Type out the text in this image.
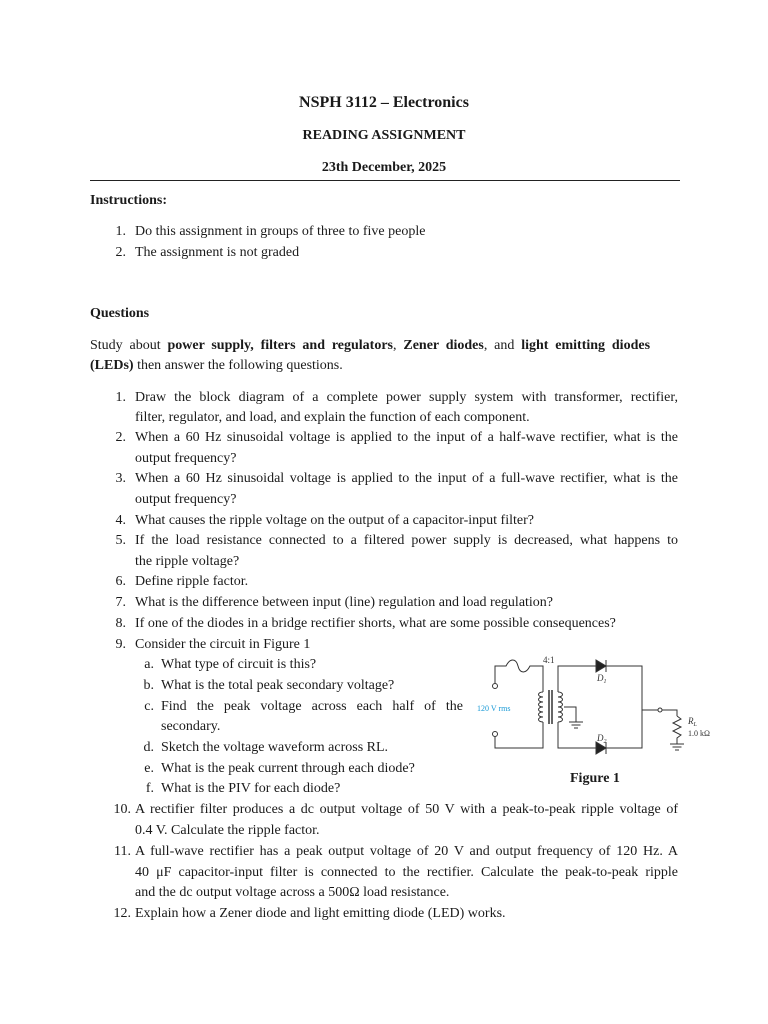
NSPH 3112 – Electronics
READING ASSIGNMENT
23th December, 2025
Instructions:
1. Do this assignment in groups of three to five people
2. The assignment is not graded
Questions
Study about power supply, filters and regulators, Zener diodes, and light emitting diodes
(LEDs) then answer the following questions.
1. Draw the block diagram of a complete power supply system with transformer, rectifier,
filter, regulator, and load, and explain the function of each component.
2. When a 60 Hz sinusoidal voltage is applied to the input of a half-wave rectifier, what is the
output frequency?
3. When a 60 Hz sinusoidal voltage is applied to the input of a full-wave rectifier, what is the
output frequency?
4. What causes the ripple voltage on the output of a capacitor-input filter?
5. If the load resistance connected to a filtered power supply is decreased, what happens to
the ripple voltage?
6. Define ripple factor.
7. What is the difference between input (line) regulation and load regulation?
8. If one of the diodes in a bridge rectifier shorts, what are some possible consequences?
9. Consider the circuit in Figure 1
a. What type of circuit is this?
b. What is the total peak secondary voltage?
c. Find the peak voltage across each half of the
secondary.
d. Sketch the voltage waveform across RL.
e. What is the peak current through each diode?
f. What is the PIV for each diode?
4:1
120 V rms
$D_1$
$D_2$
$R_L$
1.0 kΩ
Figure 1
10. A rectifier filter produces a dc output voltage of 50 V with a peak-to-peak ripple voltage of
0.4 V. Calculate the ripple factor.
11. A full-wave rectifier has a peak output voltage of 20 V and output frequency of 120 Hz. A
40 μF capacitor-input filter is connected to the rectifier. Calculate the peak-to-peak ripple
and the dc output voltage across a 500Ω load resistance.
12. Explain how a Zener diode and light emitting diode (LED) works.
